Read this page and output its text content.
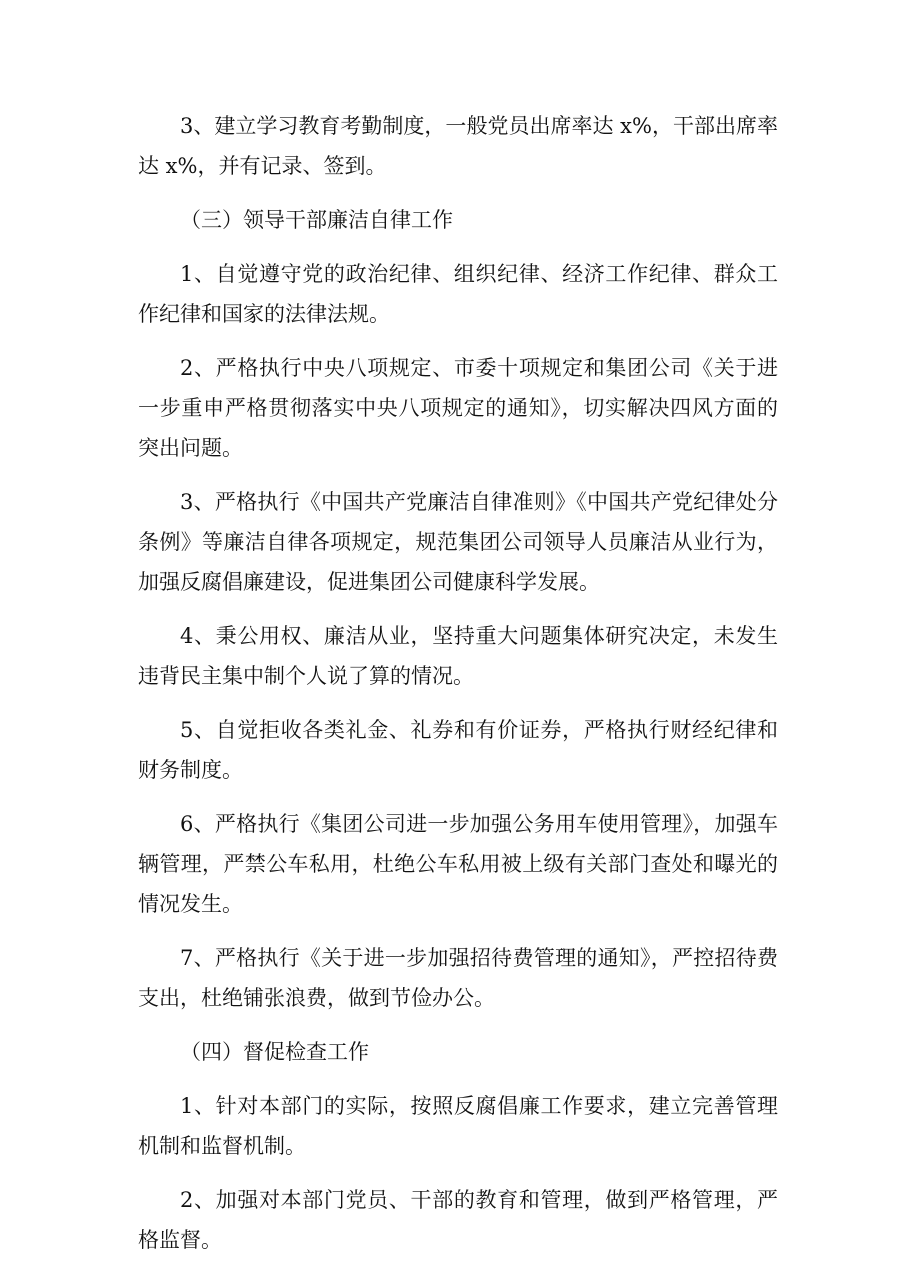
3、建立学习教育考勤制度，一般党员出席率达 x%，干部出席率达 x%，并有记录、签到。

（三）领导干部廉洁自律工作

1、自觉遵守党的政治纪律、组织纪律、经济工作纪律、群众工作纪律和国家的法律法规。

2、严格执行中央八项规定、市委十项规定和集团公司《关于进一步重申严格贯彻落实中央八项规定的通知》，切实解决四风方面的突出问题。

3、严格执行《中国共产党廉洁自律准则》《中国共产党纪律处分条例》等廉洁自律各项规定，规范集团公司领导人员廉洁从业行为，加强反腐倡廉建设，促进集团公司健康科学发展。

4、秉公用权、廉洁从业，坚持重大问题集体研究决定，未发生违背民主集中制个人说了算的情况。

5、自觉拒收各类礼金、礼券和有价证券，严格执行财经纪律和财务制度。

6、严格执行《集团公司进一步加强公务用车使用管理》，加强车辆管理，严禁公车私用，杜绝公车私用被上级有关部门查处和曝光的情况发生。

7、严格执行《关于进一步加强招待费管理的通知》，严控招待费支出，杜绝铺张浪费，做到节俭办公。

（四）督促检查工作

1、针对本部门的实际，按照反腐倡廉工作要求，建立完善管理机制和监督机制。

2、加强对本部门党员、干部的教育和管理，做到严格管理，严格监督。
